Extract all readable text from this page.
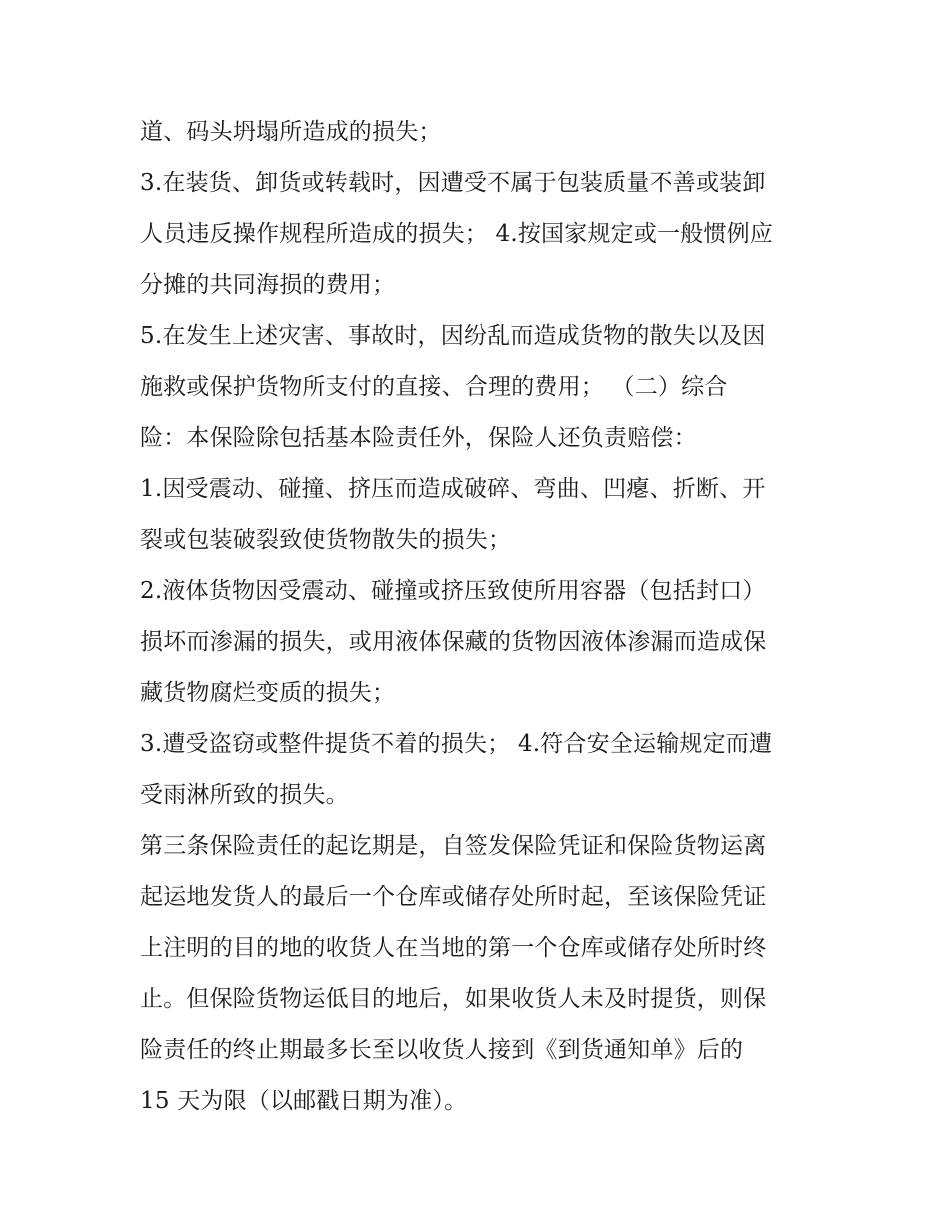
道、码头坍塌所造成的损失；
3.在装货、卸货或转载时，因遭受不属于包装质量不善或装卸
人员违反操作规程所造成的损失； 4.按国家规定或一般惯例应
分摊的共同海损的费用；
5.在发生上述灾害、事故时，因纷乱而造成货物的散失以及因
施救或保护货物所支付的直接、合理的费用； （二）综合
险：本保险除包括基本险责任外，保险人还负责赔偿：
1.因受震动、碰撞、挤压而造成破碎、弯曲、凹瘪、折断、开
裂或包装破裂致使货物散失的损失；
2.液体货物因受震动、碰撞或挤压致使所用容器（包括封口）
损坏而渗漏的损失，或用液体保藏的货物因液体渗漏而造成保
藏货物腐烂变质的损失；
3.遭受盗窃或整件提货不着的损失； 4.符合安全运输规定而遭
受雨淋所致的损失。
第三条保险责任的起讫期是，自签发保险凭证和保险货物运离
起运地发货人的最后一个仓库或储存处所时起，至该保险凭证
上注明的目的地的收货人在当地的第一个仓库或储存处所时终
止。但保险货物运低目的地后，如果收货人未及时提货，则保
险责任的终止期最多长至以收货人接到《到货通知单》后的
15 天为限（以邮戳日期为准）。
